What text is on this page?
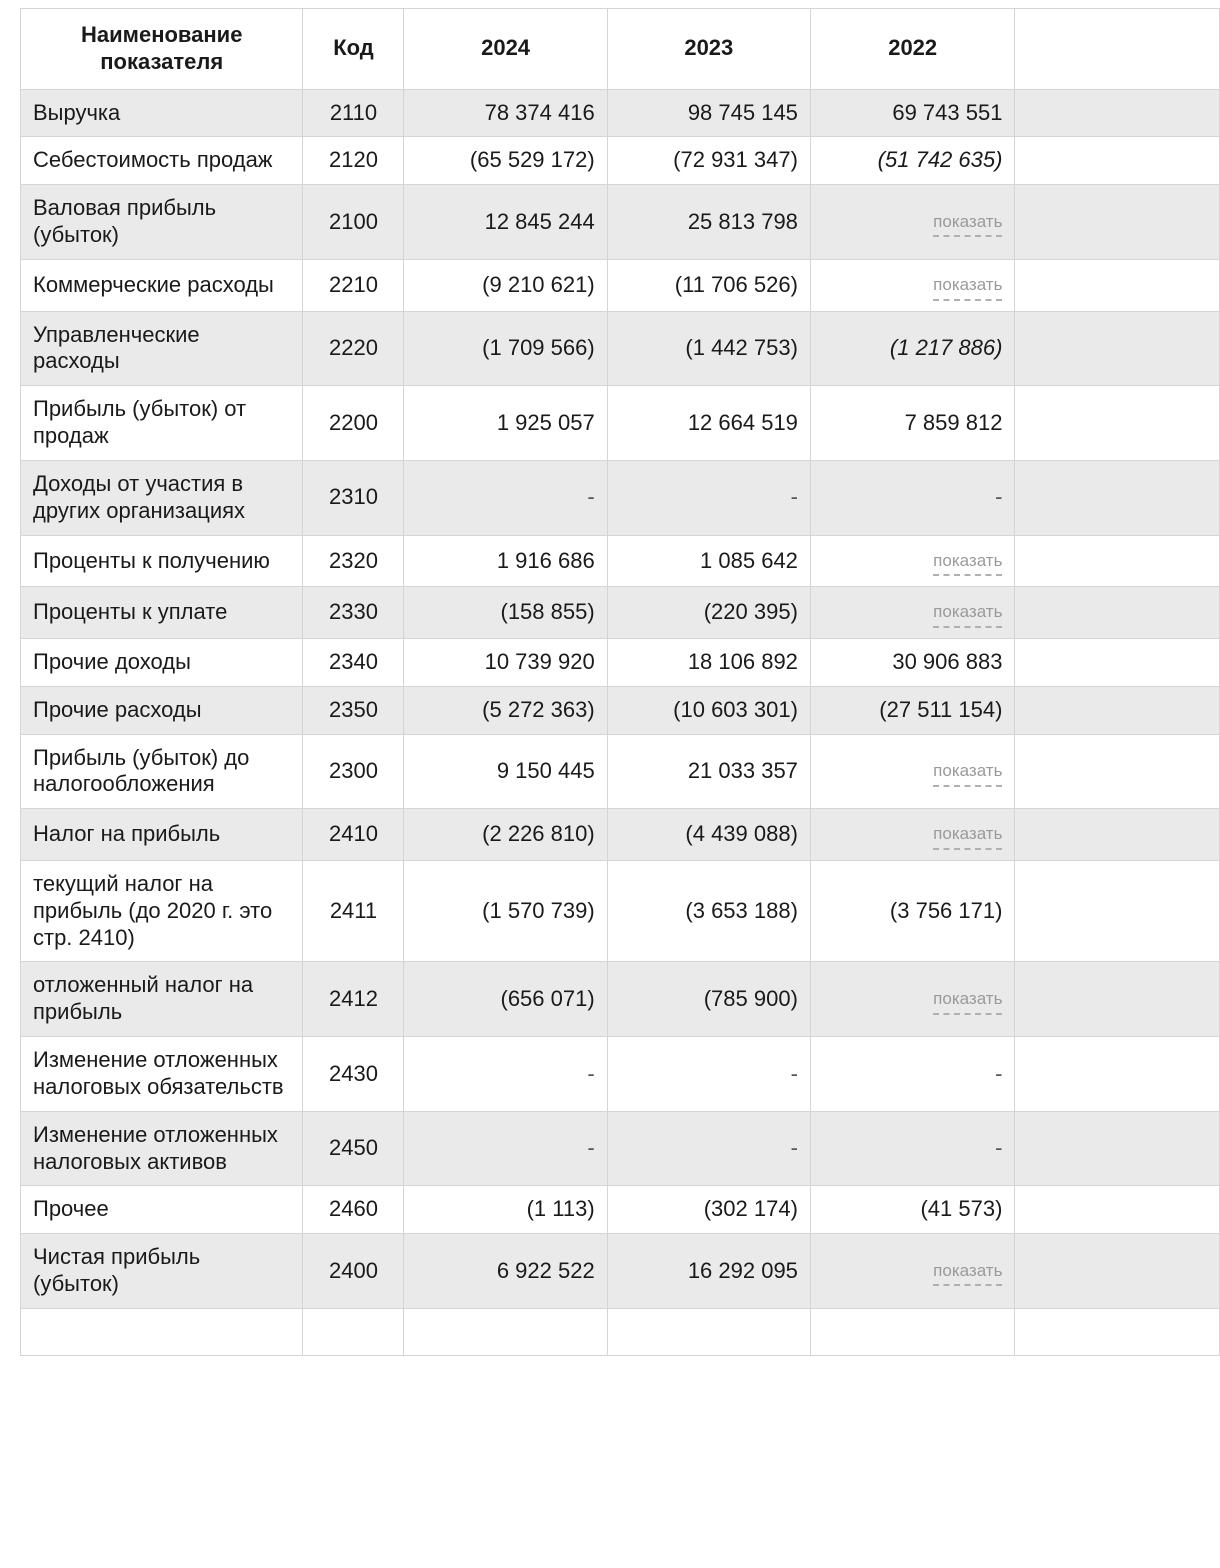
Наименование показателя	Код	2024	2023	2022	
Выручка	2110	78 374 416	98 745 145	69 743 551	
Себестоимость продаж	2120	(65 529 172)	(72 931 347)	(51 742 635)	
Валовая прибыль (убыток)	2100	12 845 244	25 813 798	показать	
Коммерческие расходы	2210	(9 210 621)	(11 706 526)	показать	
Управленческие расходы	2220	(1 709 566)	(1 442 753)	(1 217 886)	
Прибыль (убыток) от продаж	2200	1 925 057	12 664 519	7 859 812	
Доходы от участия в других организациях	2310	-	-	-	
Проценты к получению	2320	1 916 686	1 085 642	показать	
Проценты к уплате	2330	(158 855)	(220 395)	показать	
Прочие доходы	2340	10 739 920	18 106 892	30 906 883	
Прочие расходы	2350	(5 272 363)	(10 603 301)	(27 511 154)	
Прибыль (убыток) до налогообложения	2300	9 150 445	21 033 357	показать	
Налог на прибыль	2410	(2 226 810)	(4 439 088)	показать	
текущий налог на прибыль (до 2020 г. это стр. 2410)	2411	(1 570 739)	(3 653 188)	(3 756 171)	
отложенный налог на прибыль	2412	(656 071)	(785 900)	показать	
Изменение отложенных налоговых обязательств	2430	-	-	-	
Изменение отложенных налоговых активов	2450	-	-	-	
Прочее	2460	(1 113)	(302 174)	(41 573)	
Чистая прибыль (убыток)	2400	6 922 522	16 292 095	показать	
